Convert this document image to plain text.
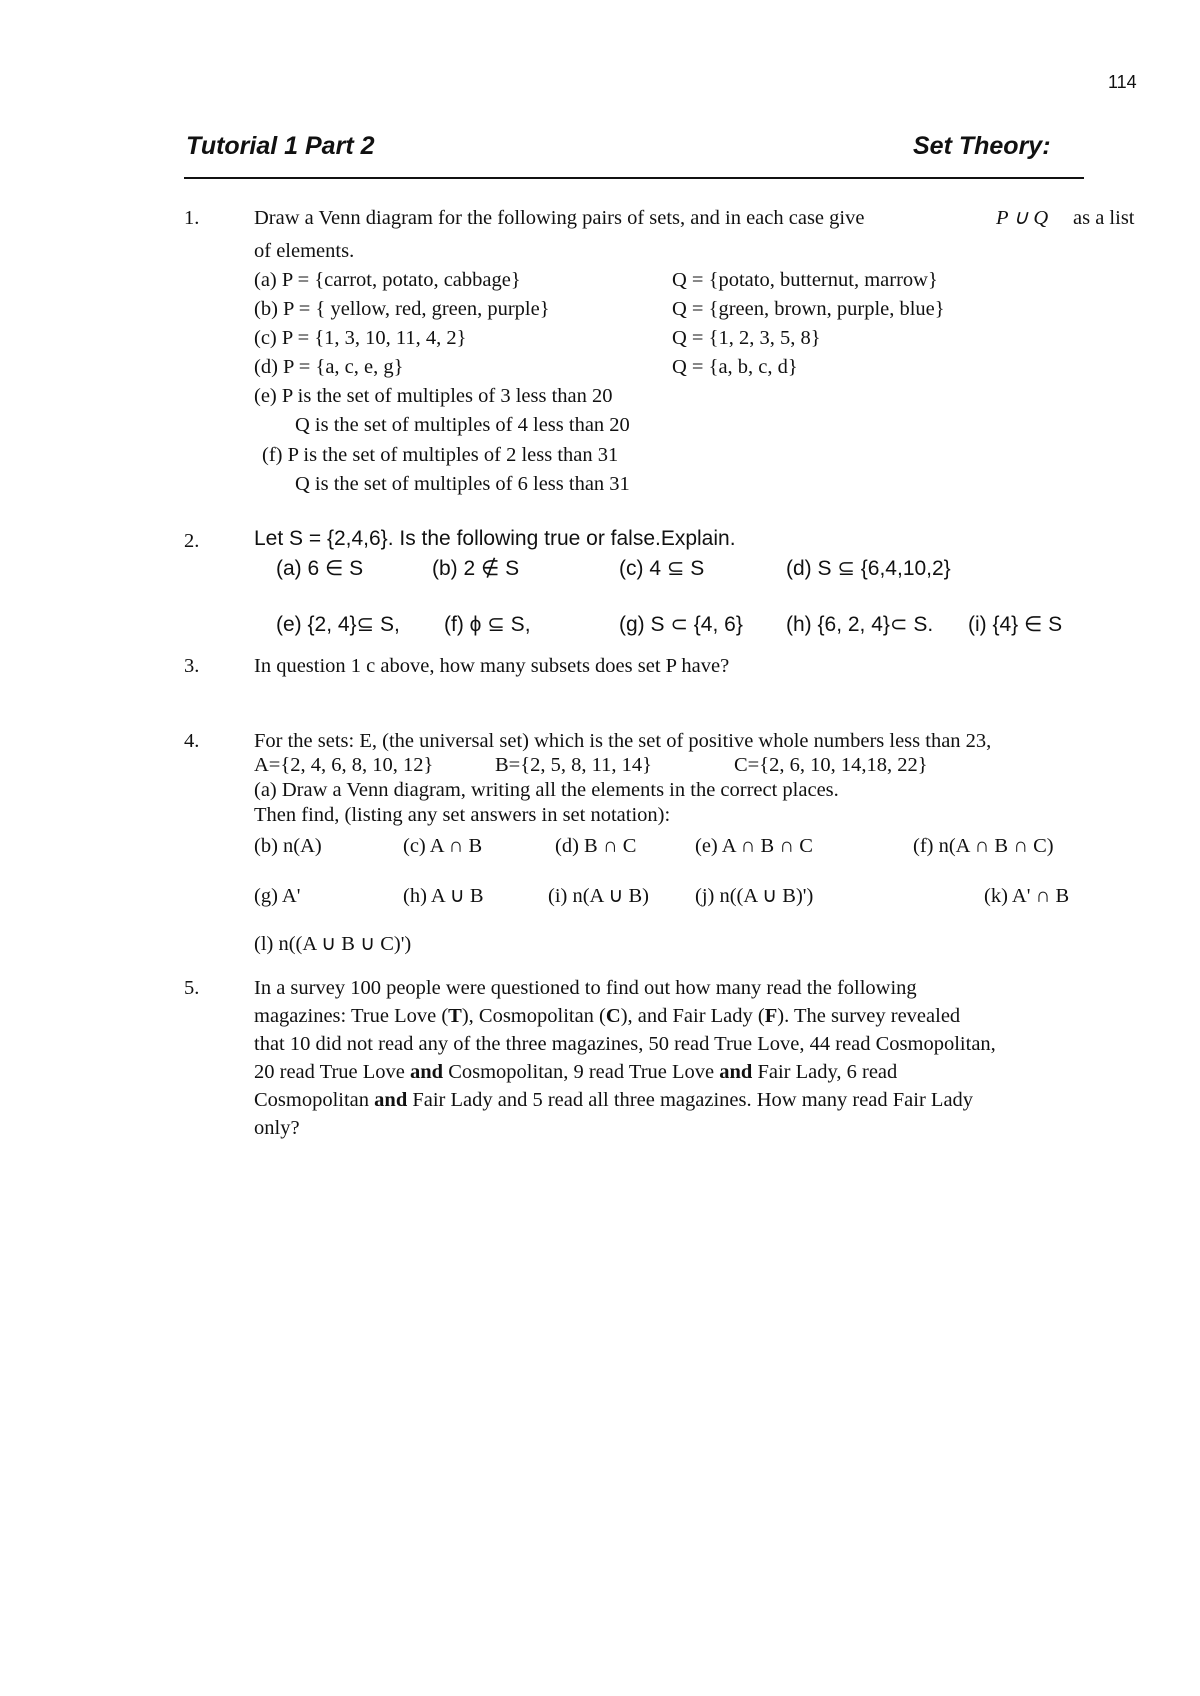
114
Tutorial 1 Part 2	Set Theory:
1.	Draw a Venn diagram for the following pairs of sets, and in each case give	P ∪ Q as a list
of elements.
(a) P = {carrot, potato, cabbage}	Q = {potato, butternut, marrow}
(b) P = { yellow, red, green, purple}	Q = {green, brown, purple, blue}
(c) P = {1, 3, 10, 11, 4, 2}	Q = {1, 2, 3, 5, 8}
(d) P = {a, c, e, g}	Q = {a, b, c, d}
(e) P is the set of multiples of 3 less than 20
Q is the set of multiples of 4 less than 20
(f) P is the set of multiples of 2 less than 31
Q is the set of multiples of 6 less than 31
2.	Let S = {2,4,6}. Is the following true or false.Explain.
(a) 6 ∈ S	(b) 2 ∉ S	(c) 4 ⊆ S	(d) S ⊆ {6,4,10,2}
(e) {2, 4}⊆ S, (f) ϕ ⊆ S,	(g) S ⊂ {4, 6} (h) {6, 2, 4}⊂ S. (i) {4} ∈ S
3.	In question 1 c above, how many subsets does set P have?
4.	For the sets: E, (the universal set) which is the set of positive whole numbers less than 23,
A={2, 4, 6, 8, 10, 12}	B={2, 5, 8, 11, 14}	C={2, 6, 10, 14,18, 22}
(a) Draw a Venn diagram, writing all the elements in the correct places.
Then find, (listing any set answers in set notation):
(b) n(A)	(c) A ∩ B	(d) B ∩ C	(e) A ∩ B ∩ C	(f) n(A ∩ B ∩ C)
(g) A'	(h) A ∪ B	(i) n(A ∪ B) (j) n((A ∪ B)')	(k) A' ∩ B
(l) n((A ∪ B ∪ C)')
5.	In a survey 100 people were questioned to find out how many read the following
magazines: True Love (T), Cosmopolitan (C), and Fair Lady (F). The survey revealed
that 10 did not read any of the three magazines, 50 read True Love, 44 read Cosmopolitan,
20 read True Love and Cosmopolitan, 9 read True Love and Fair Lady, 6 read
Cosmopolitan and Fair Lady and 5 read all three magazines. How many read Fair Lady
only?
